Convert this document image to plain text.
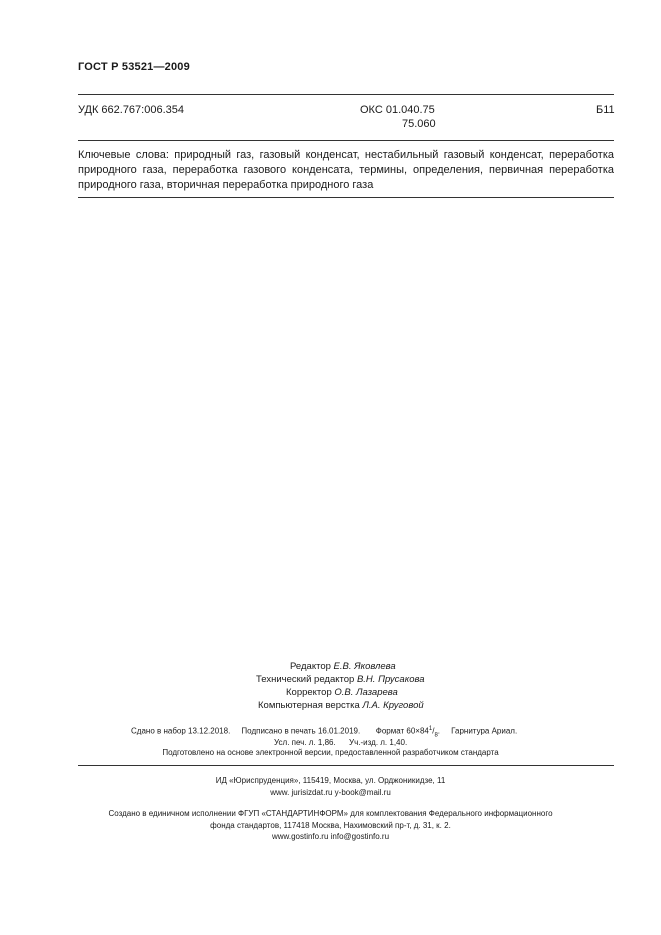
ГОСТ Р 53521—2009
УДК 662.767:006.354	ОКС 01.040.75
75.060
Б11
Ключевые слова: природный газ, газовый конденсат, нестабильный газовый конденсат, переработка природного газа, переработка газового конденсата, термины, определения, первичная переработка природного газа, вторичная переработка природного газа
Редактор Е.В. Яковлева
Технический редактор В.Н. Прусакова
Корректор О.В. Лазарева
Компьютерная верстка Л.А. Круговой
Сдано в набор 13.12.2018. Подписано в печать 16.01.2019. Формат $60\times 84^1/_8$.     Гарнитура Ариал.
Усл. печ. л. 1,86. Уч.-изд. л. 1,40.
Подготовлено на основе электронной версии, предоставленной разработчиком стандарта
ИД «Юриспруденция», 115419, Москва, ул. Орджоникидзе, 11
www. jurisizdat.ru y-book@mail.ru
Создано в единичном исполнении ФГУП «СТАНДАРТИНФОРМ» для комплектования Федерального информационного
фонда стандартов, 117418 Москва, Нахимовский пр-т, д. 31, к. 2.
www.gostinfo.ru info@gostinfo.ru
